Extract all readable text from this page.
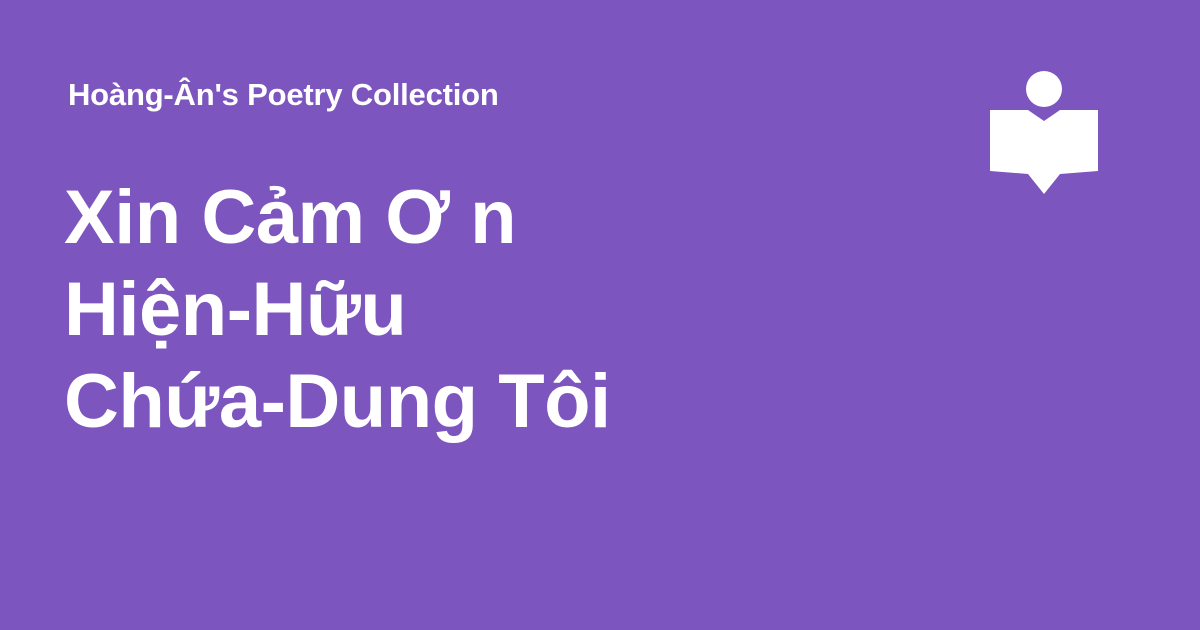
Hoàng-Ân's Poetry Collection

Xin Cảm Ơ n
Hiện-Hữu
Chứa-Dung Tôi
